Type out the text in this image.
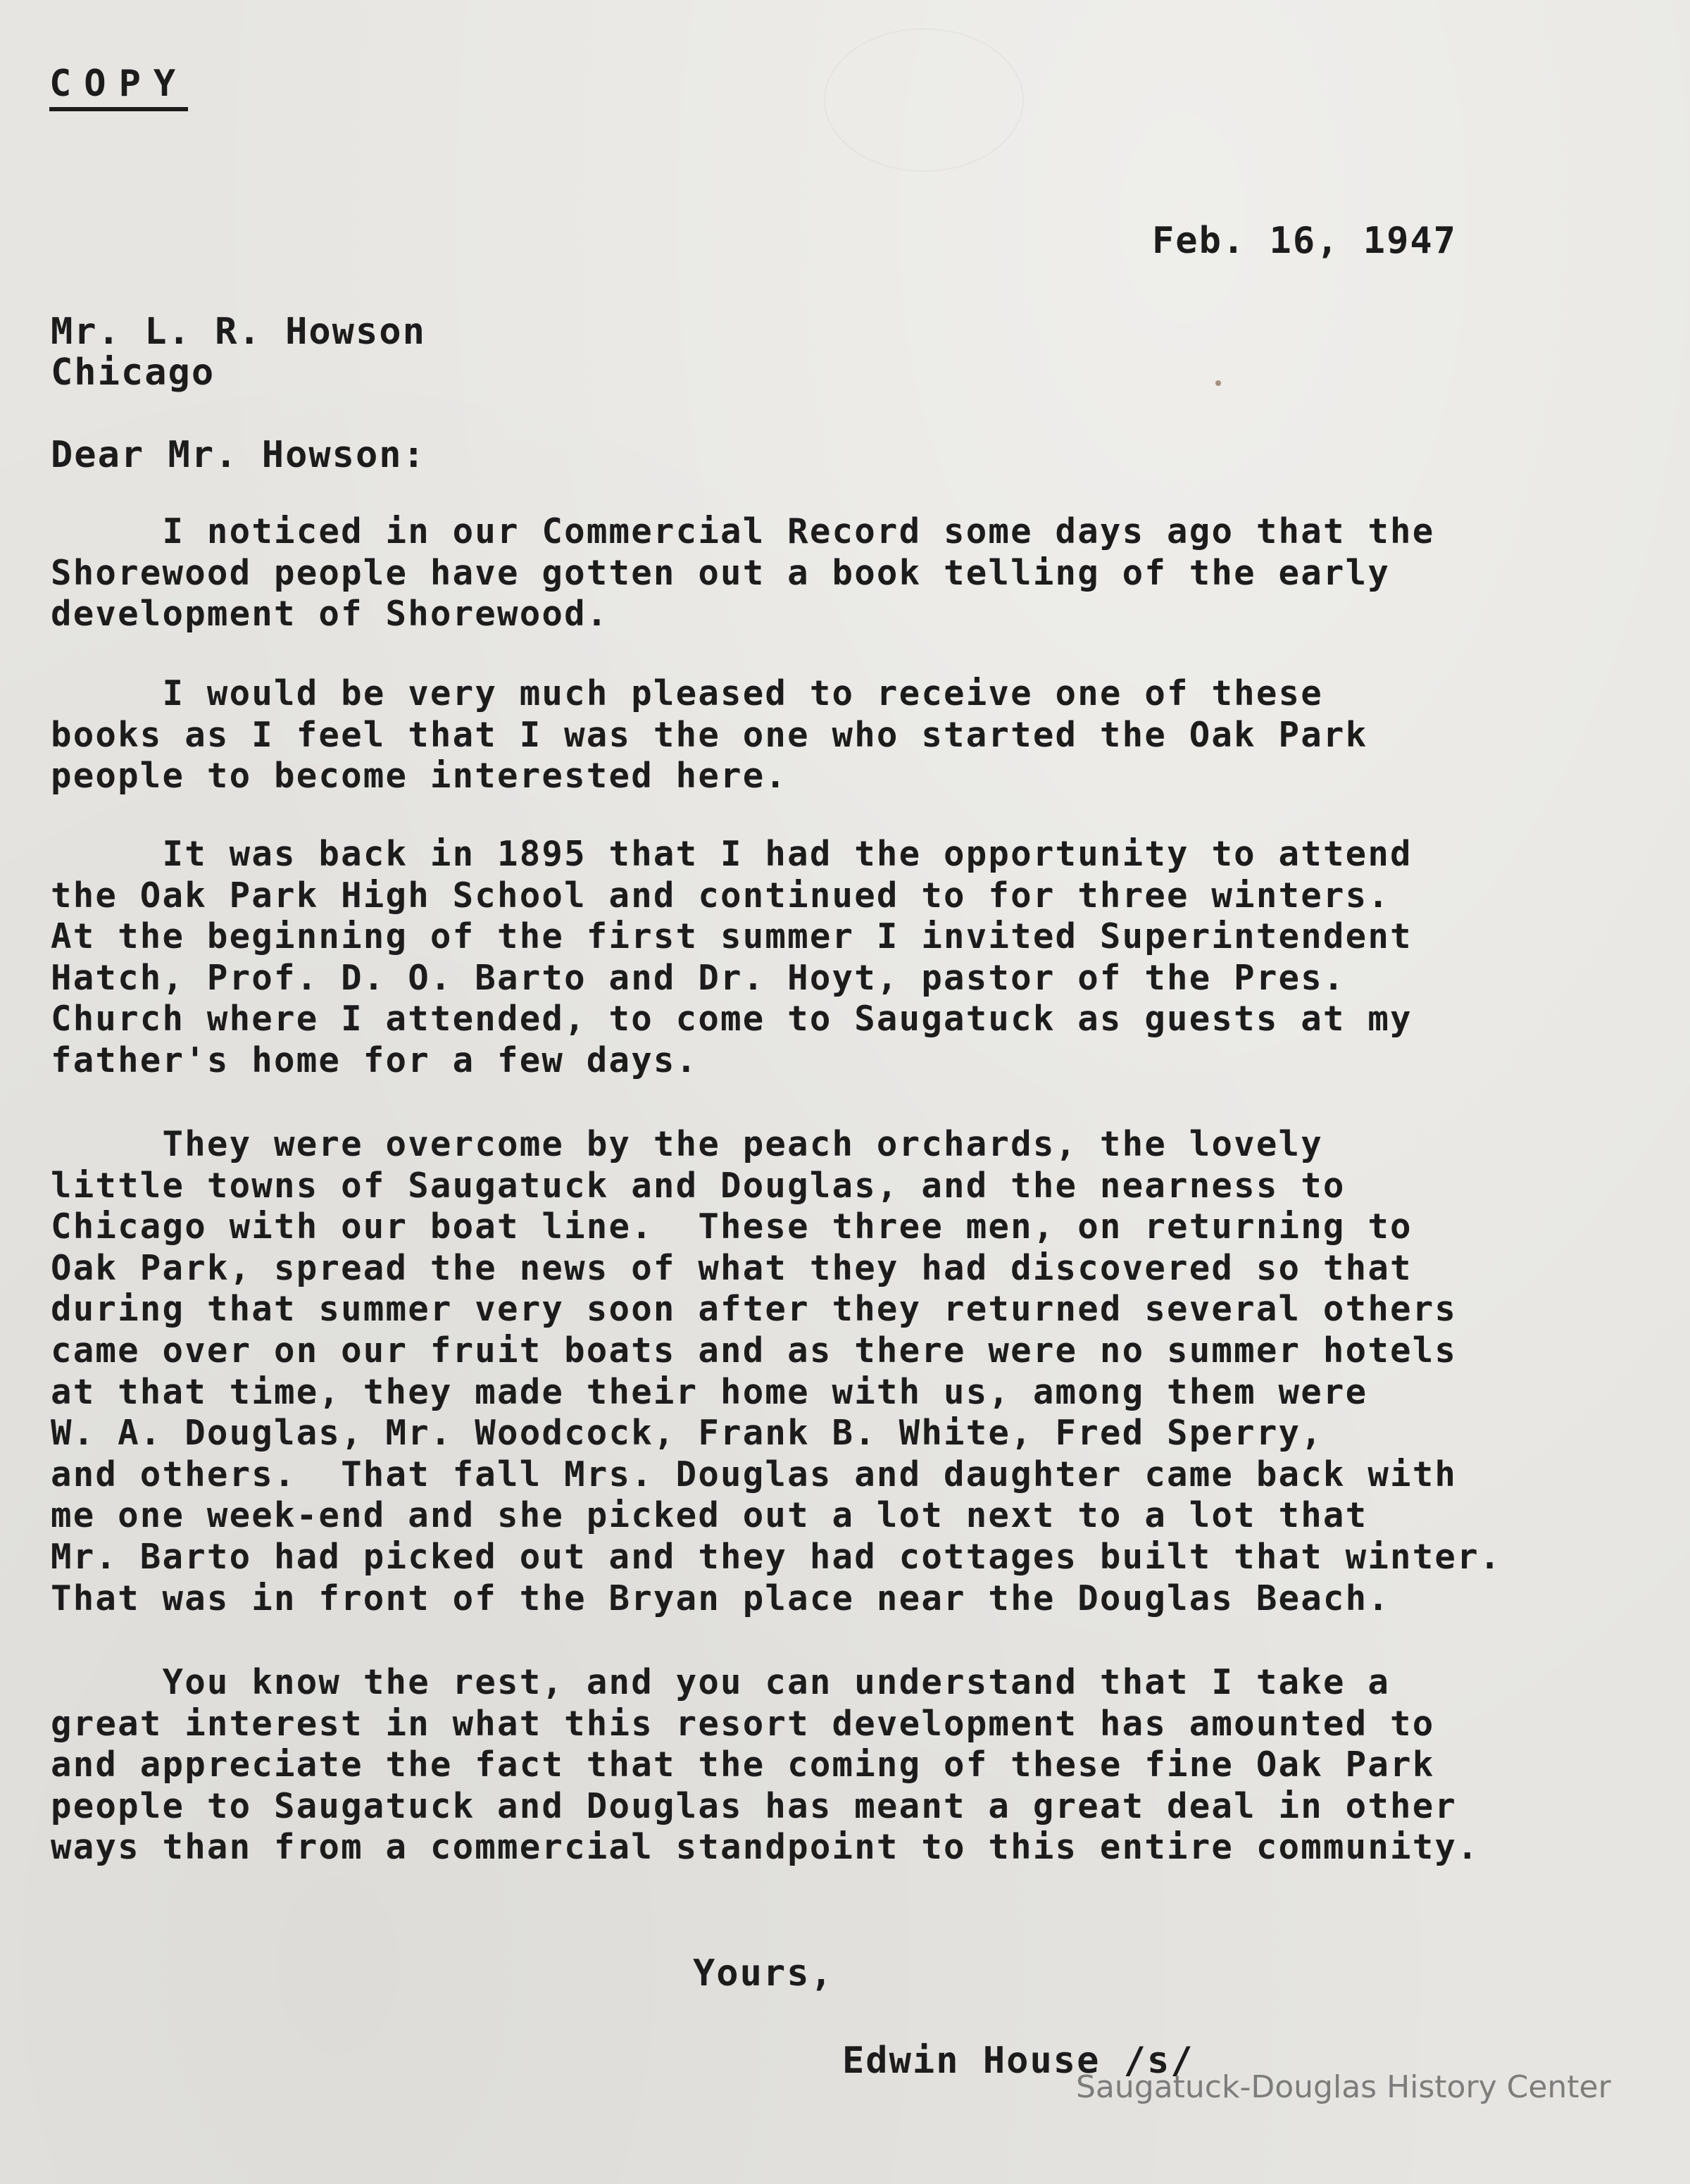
COPY
Feb. 16, 1947
Mr. L. R. Howson
Chicago
Dear Mr. Howson:
I noticed in our Commercial Record some days ago that the
Shorewood people have gotten out a book telling of the early
development of Shorewood.
I would be very much pleased to receive one of these
books as I feel that I was the one who started the Oak Park
people to become interested here.
It was back in 1895 that I had the opportunity to attend
the Oak Park High School and continued to for three winters.
At the beginning of the first summer I invited Superintendent
Hatch, Prof. D. O. Barto and Dr. Hoyt, pastor of the Pres.
Church where I attended, to come to Saugatuck as guests at my
father's home for a few days.
They were overcome by the peach orchards, the lovely
little towns of Saugatuck and Douglas, and the nearness to
Chicago with our boat line.  These three men, on returning to
Oak Park, spread the news of what they had discovered so that
during that summer very soon after they returned several others
came over on our fruit boats and as there were no summer hotels
at that time, they made their home with us, among them were
W. A. Douglas, Mr. Woodcock, Frank B. White, Fred Sperry,
and others.  That fall Mrs. Douglas and daughter came back with
me one week-end and she picked out a lot next to a lot that
Mr. Barto had picked out and they had cottages built that winter.
That was in front of the Bryan place near the Douglas Beach.
You know the rest, and you can understand that I take a
great interest in what this resort development has amounted to
and appreciate the fact that the coming of these fine Oak Park
people to Saugatuck and Douglas has meant a great deal in other
ways than from a commercial standpoint to this entire community.
Yours,
Edwin House /s/
Saugatuck-Douglas History Center
